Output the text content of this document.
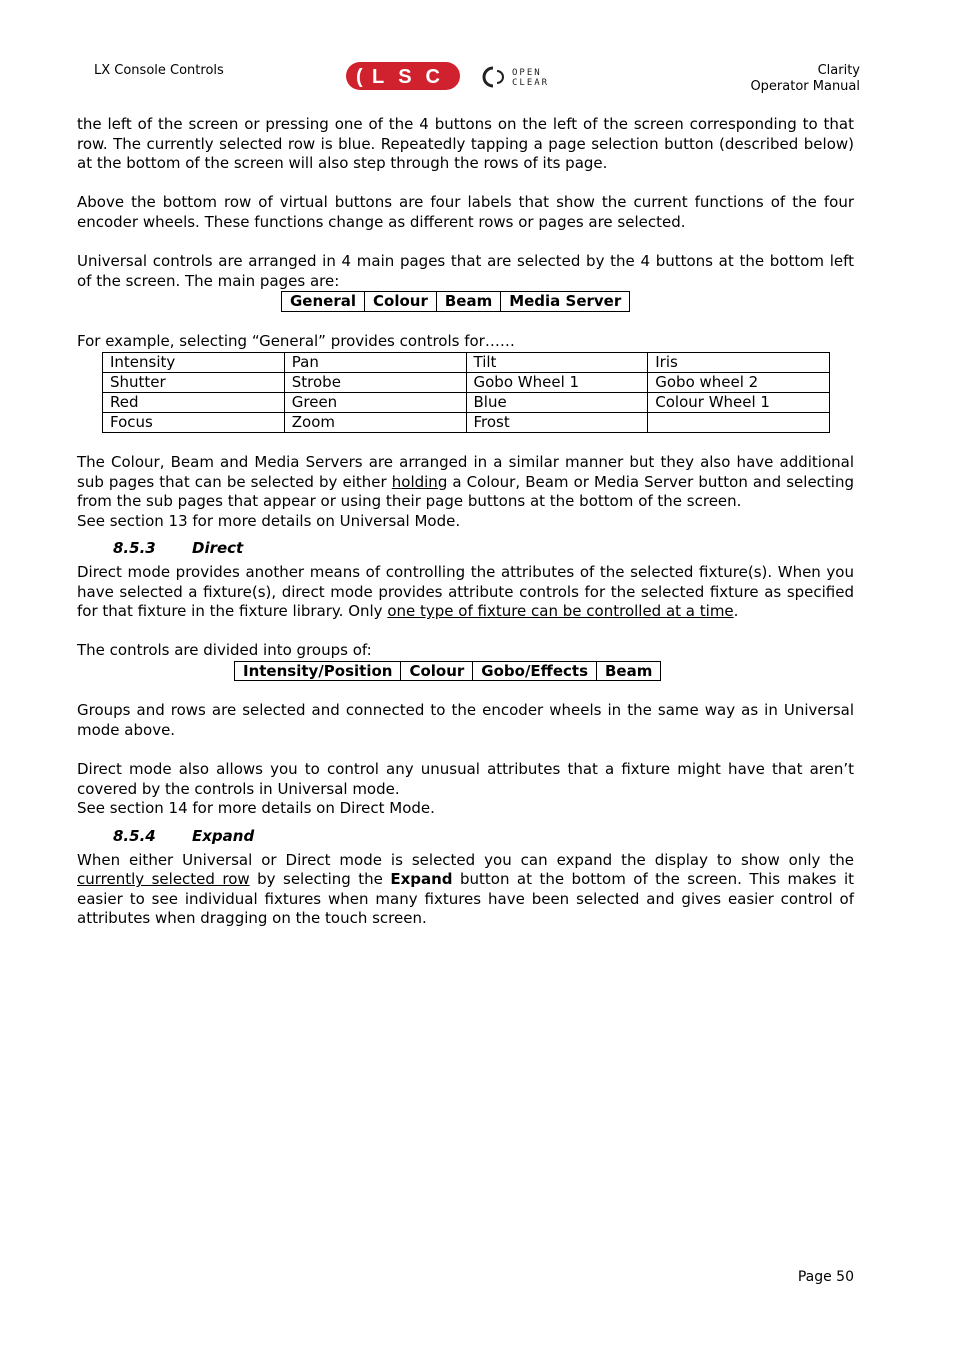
LX Console Controls	( LSC	OPEN
CLEAR
Clarity
Operator Manual

the left of the screen or pressing one of the 4 buttons on the left of the screen corresponding to that row. The currently selected row is blue. Repeatedly tapping a page selection button (described below) at the bottom of the screen will also step through the rows of its page.

Above the bottom row of virtual buttons are four labels that show the current functions of the four encoder wheels. These functions change as different rows or pages are selected.

Universal controls are arranged in 4 main pages that are selected by the 4 buttons at the bottom left of the screen. The main pages are:

General	Colour	Beam	Media Server

For example, selecting “General” provides controls for……

Intensity	Pan	Tilt	Iris
Shutter	Strobe	Gobo Wheel 1	Gobo wheel 2
Red	Green	Blue	Colour Wheel 1
Focus	Zoom	Frost	

The Colour, Beam and Media Servers are arranged in a similar manner but they also have additional sub pages that can be selected by either holding a Colour, Beam or Media Server button and selecting from the sub pages that appear or using their page buttons at the bottom of the screen.

See section 13 for more details on Universal Mode.

8.5.3 Direct

Direct mode provides another means of controlling the attributes of the selected fixture(s). When you have selected a fixture(s), direct mode provides attribute controls for the selected fixture as specified for that fixture in the fixture library. Only one type of fixture can be controlled at a time.

The controls are divided into groups of:

Intensity/Position	Colour	Gobo/Effects	Beam

Groups and rows are selected and connected to the encoder wheels in the same way as in Universal mode above.

Direct mode also allows you to control any unusual attributes that a fixture might have that aren’t covered by the controls in Universal mode.

See section 14 for more details on Direct Mode.

8.5.4 Expand

When either Universal or Direct mode is selected you can expand the display to show only the currently selected row by selecting the Expand button at the bottom of the screen. This makes it easier to see individual fixtures when many fixtures have been selected and gives easier control of attributes when dragging on the touch screen.

Page 50
